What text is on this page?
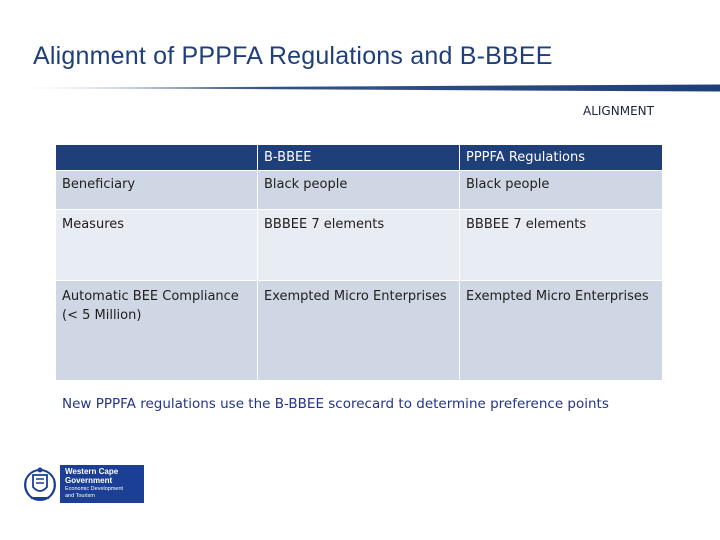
Alignment of PPPFA Regulations and B-BBEE
ALIGNMENT
	B-BBEE	PPPFA Regulations
Beneficiary	Black people	Black people
Measures	BBBEE 7 elements	BBBEE 7 elements
Automatic BEE Compliance (< 5 Million)	Exempted Micro Enterprises	Exempted Micro Enterprises
New PPPFA regulations use the B-BBEE scorecard to determine preference points
Western Cape
Government
Economic Development
and Tourism
